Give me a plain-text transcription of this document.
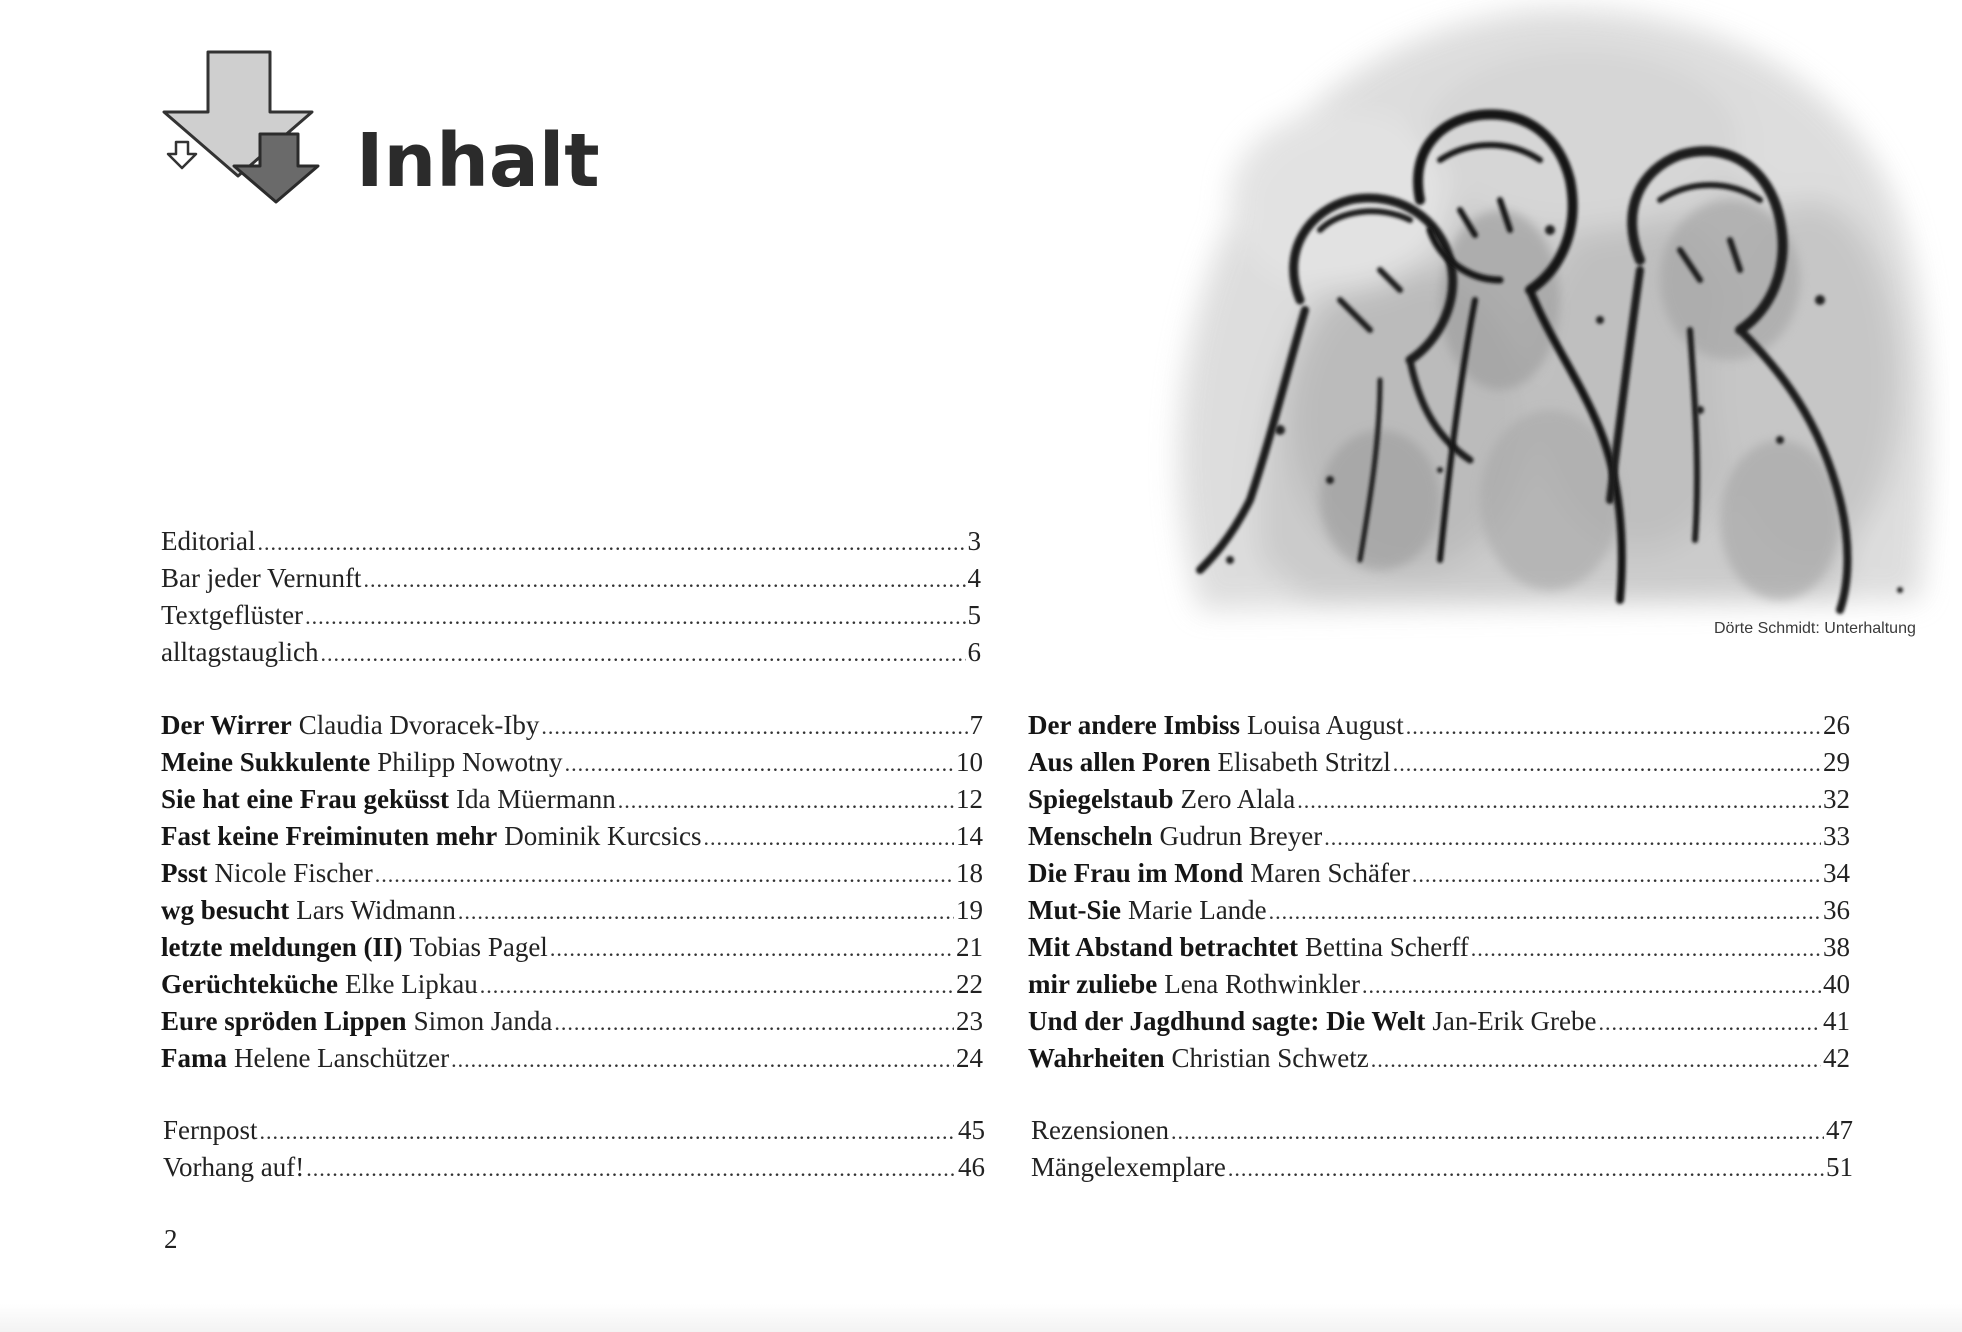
Inhalt
Dörte Schmidt: Unterhaltung
Editorial .....	3
Bar jeder Vernunft .....	4
Textgeflüster .....	5
alltagstauglich .....	6
Der Wirrer Claudia Dvoracek-Iby .....	7
Meine Sukkulente Philipp Nowotny .....	10
Sie hat eine Frau geküsst Ida Müermann .....	12
Fast keine Freiminuten mehr Dominik Kurcsics .....	14
Psst Nicole Fischer .....	18
wg besucht Lars Widmann .....	19
letzte meldungen (II) Tobias Pagel .....	21
Gerüchteküche Elke Lipkau .....	22
Eure spröden Lippen Simon Janda .....	23
Fama Helene Lanschützer .....	24
Der andere Imbiss Louisa August .....	26
Aus allen Poren Elisabeth Stritzl .....	29
Spiegelstaub Zero Alala .....	32
Menscheln Gudrun Breyer .....	33
Die Frau im Mond Maren Schäfer .....	34
Mut-Sie Marie Lande .....	36
Mit Abstand betrachtet Bettina Scherff .....	38
mir zuliebe Lena Rothwinkler .....	40
Und der Jagdhund sagte: Die Welt Jan-Erik Grebe .....	41
Wahrheiten Christian Schwetz .....	42
Fernpost .....	45
Vorhang auf! .....	46
Rezensionen .....	47
Mängelexemplare .....	51
2
